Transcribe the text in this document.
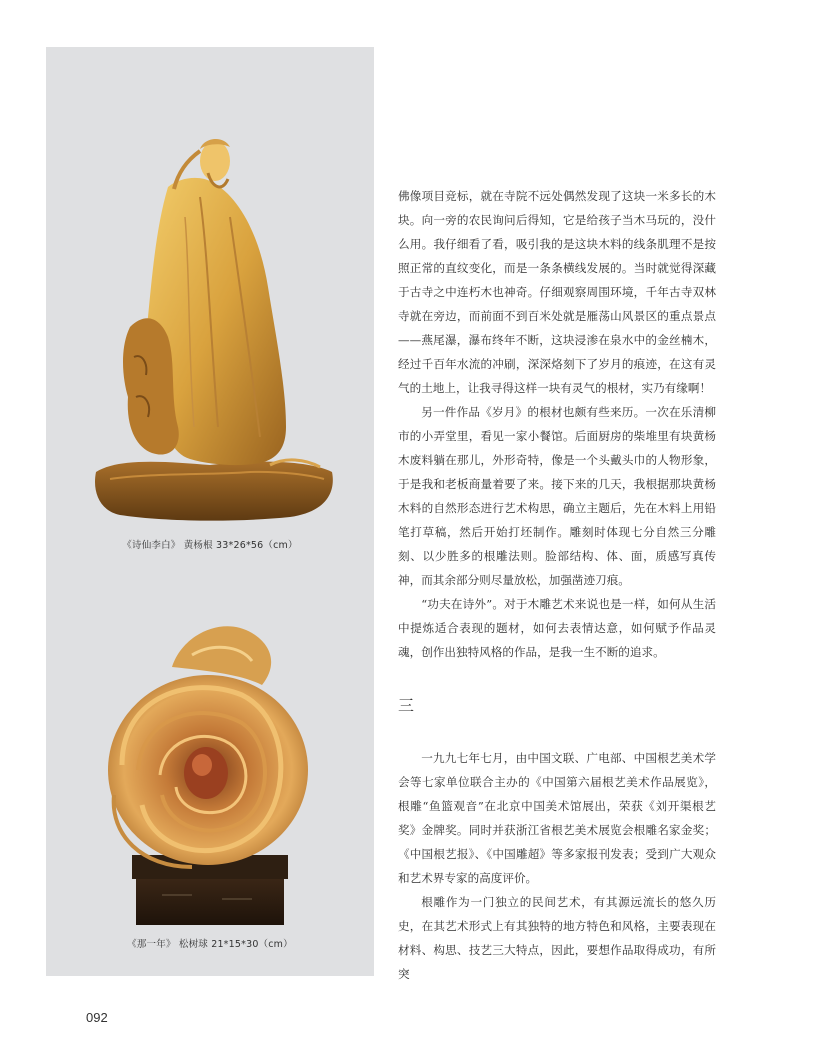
《诗仙李白》 黄杨根 33*26*56（cm）
《那一年》 松树球 21*15*30（cm）

佛像项目竞标，就在寺院不远处偶然发现了这块一米多长的木块。向一旁的农民询问后得知，它是给孩子当木马玩的，没什么用。我仔细看了看，吸引我的是这块木料的线条肌理不是按照正常的直纹变化，而是一条条横线发展的。当时就觉得深藏于古寺之中连朽木也神奇。仔细观察周围环境，千年古寺双林寺就在旁边，而前面不到百米处就是雁荡山风景区的重点景点——燕尾瀑，瀑布终年不断，这块浸渗在泉水中的金丝楠木，经过千百年水流的冲刷，深深烙刻下了岁月的痕迹，在这有灵气的土地上，让我寻得这样一块有灵气的根材，实乃有缘啊！

另一件作品《岁月》的根材也颇有些来历。一次在乐清柳市的小弄堂里，看见一家小餐馆。后面厨房的柴堆里有块黄杨木废料躺在那儿，外形奇特，像是一个头戴头巾的人物形象，于是我和老板商量着要了来。接下来的几天，我根据那块黄杨木料的自然形态进行艺术构思，确立主题后，先在木料上用铅笔打草稿，然后开始打坯制作。雕刻时体现七分自然三分雕刻、以少胜多的根雕法则。脸部结构、体、面，质感写真传神，而其余部分则尽量放松，加强凿迹刀痕。

“功夫在诗外”。对于木雕艺术来说也是一样，如何从生活中提炼适合表现的题材，如何去表情达意，如何赋予作品灵魂，创作出独特风格的作品，是我一生不断的追求。

三

一九九七年七月，由中国文联、广电部、中国根艺美术学会等七家单位联合主办的《中国第六届根艺美术作品展览》，根雕“鱼篮观音”在北京中国美术馆展出，荣获《刘开渠根艺奖》金牌奖。同时并获浙江省根艺美术展览会根雕名家金奖；《中国根艺报》、《中国雕超》等多家报刊发表；受到广大观众和艺术界专家的高度评价。

根雕作为一门独立的民间艺术，有其源远流长的悠久历史，在其艺术形式上有其独特的地方特色和风格，主要表现在材料、构思、技艺三大特点，因此，要想作品取得成功，有所突

092
